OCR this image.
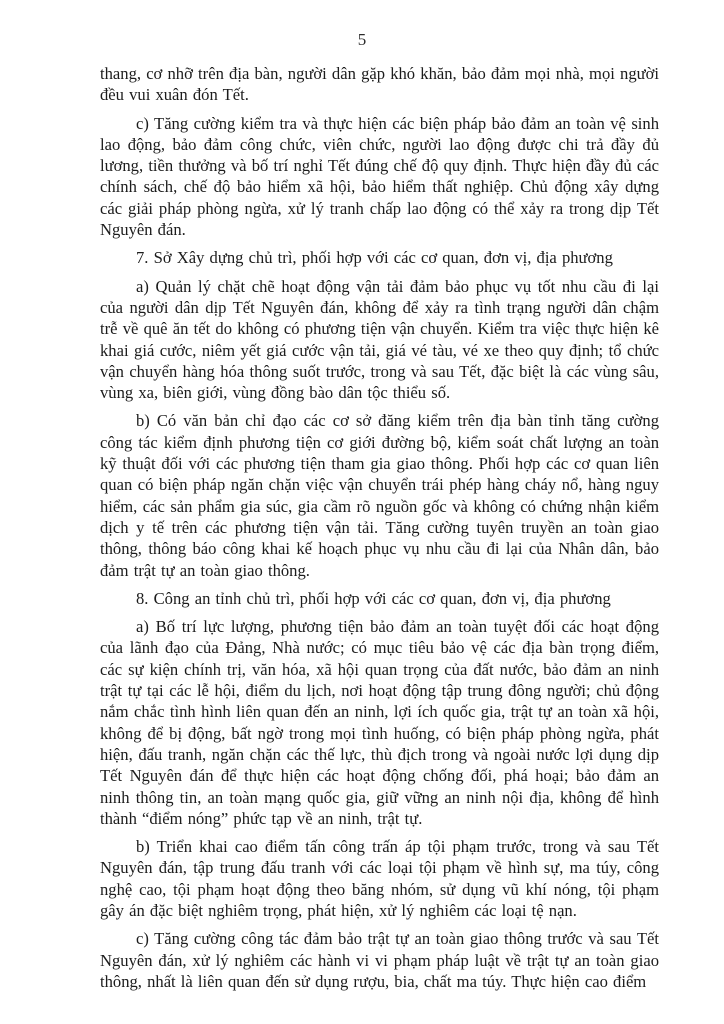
5

thang, cơ nhỡ trên địa bàn, người dân gặp khó khăn, bảo đảm mọi nhà, mọi người đều vui xuân đón Tết.

c) Tăng cường kiểm tra và thực hiện các biện pháp bảo đảm an toàn vệ sinh lao động, bảo đảm công chức, viên chức, người lao động được chi trả đầy đủ lương, tiền thưởng và bố trí nghỉ Tết đúng chế độ quy định. Thực hiện đầy đủ các chính sách, chế độ bảo hiểm xã hội, bảo hiểm thất nghiệp. Chủ động xây dựng các giải pháp phòng ngừa, xử lý tranh chấp lao động có thể xảy ra trong dịp Tết Nguyên đán.

7. Sở Xây dựng chủ trì, phối hợp với các cơ quan, đơn vị, địa phương

a) Quản lý chặt chẽ hoạt động vận tải đảm bảo phục vụ tốt nhu cầu đi lại của người dân dịp Tết Nguyên đán, không để xảy ra tình trạng người dân chậm trễ về quê ăn tết do không có phương tiện vận chuyển. Kiểm tra việc thực hiện kê khai giá cước, niêm yết giá cước vận tải, giá vé tàu, vé xe theo quy định; tổ chức vận chuyển hàng hóa thông suốt trước, trong và sau Tết, đặc biệt là các vùng sâu, vùng xa, biên giới, vùng đồng bào dân tộc thiểu số.

b) Có văn bản chỉ đạo các cơ sở đăng kiểm trên địa bàn tỉnh tăng cường công tác kiểm định phương tiện cơ giới đường bộ, kiểm soát chất lượng an toàn kỹ thuật đối với các phương tiện tham gia giao thông. Phối hợp các cơ quan liên quan có biện pháp ngăn chặn việc vận chuyển trái phép hàng cháy nổ, hàng nguy hiểm, các sản phẩm gia súc, gia cầm rõ nguồn gốc và không có chứng nhận kiểm dịch y tế trên các phương tiện vận tải. Tăng cường tuyên truyền an toàn giao thông, thông báo công khai kế hoạch phục vụ nhu cầu đi lại của Nhân dân, bảo đảm trật tự an toàn giao thông.

8. Công an tỉnh chủ trì, phối hợp với các cơ quan, đơn vị, địa phương

a) Bố trí lực lượng, phương tiện bảo đảm an toàn tuyệt đối các hoạt động của lãnh đạo của Đảng, Nhà nước; có mục tiêu bảo vệ các địa bàn trọng điểm, các sự kiện chính trị, văn hóa, xã hội quan trọng của đất nước, bảo đảm an ninh trật tự tại các lễ hội, điểm du lịch, nơi hoạt động tập trung đông người; chủ động nắm chắc tình hình liên quan đến an ninh, lợi ích quốc gia, trật tự an toàn xã hội, không để bị động, bất ngờ trong mọi tình huống, có biện pháp phòng ngừa, phát hiện, đấu tranh, ngăn chặn các thế lực, thù địch trong và ngoài nước lợi dụng dịp Tết Nguyên đán để thực hiện các hoạt động chống đối, phá hoại; bảo đảm an ninh thông tin, an toàn mạng quốc gia, giữ vững an ninh nội địa, không để hình thành “điểm nóng” phức tạp về an ninh, trật tự.

b) Triển khai cao điểm tấn công trấn áp tội phạm trước, trong và sau Tết Nguyên đán, tập trung đấu tranh với các loại tội phạm về hình sự, ma túy, công nghệ cao, tội phạm hoạt động theo băng nhóm, sử dụng vũ khí nóng, tội phạm gây án đặc biệt nghiêm trọng, phát hiện, xử lý nghiêm các loại tệ nạn.

c) Tăng cường công tác đảm bảo trật tự an toàn giao thông trước và sau Tết Nguyên đán, xử lý nghiêm các hành vi vi phạm pháp luật về trật tự an toàn giao thông, nhất là liên quan đến sử dụng rượu, bia, chất ma túy. Thực hiện cao điểm
